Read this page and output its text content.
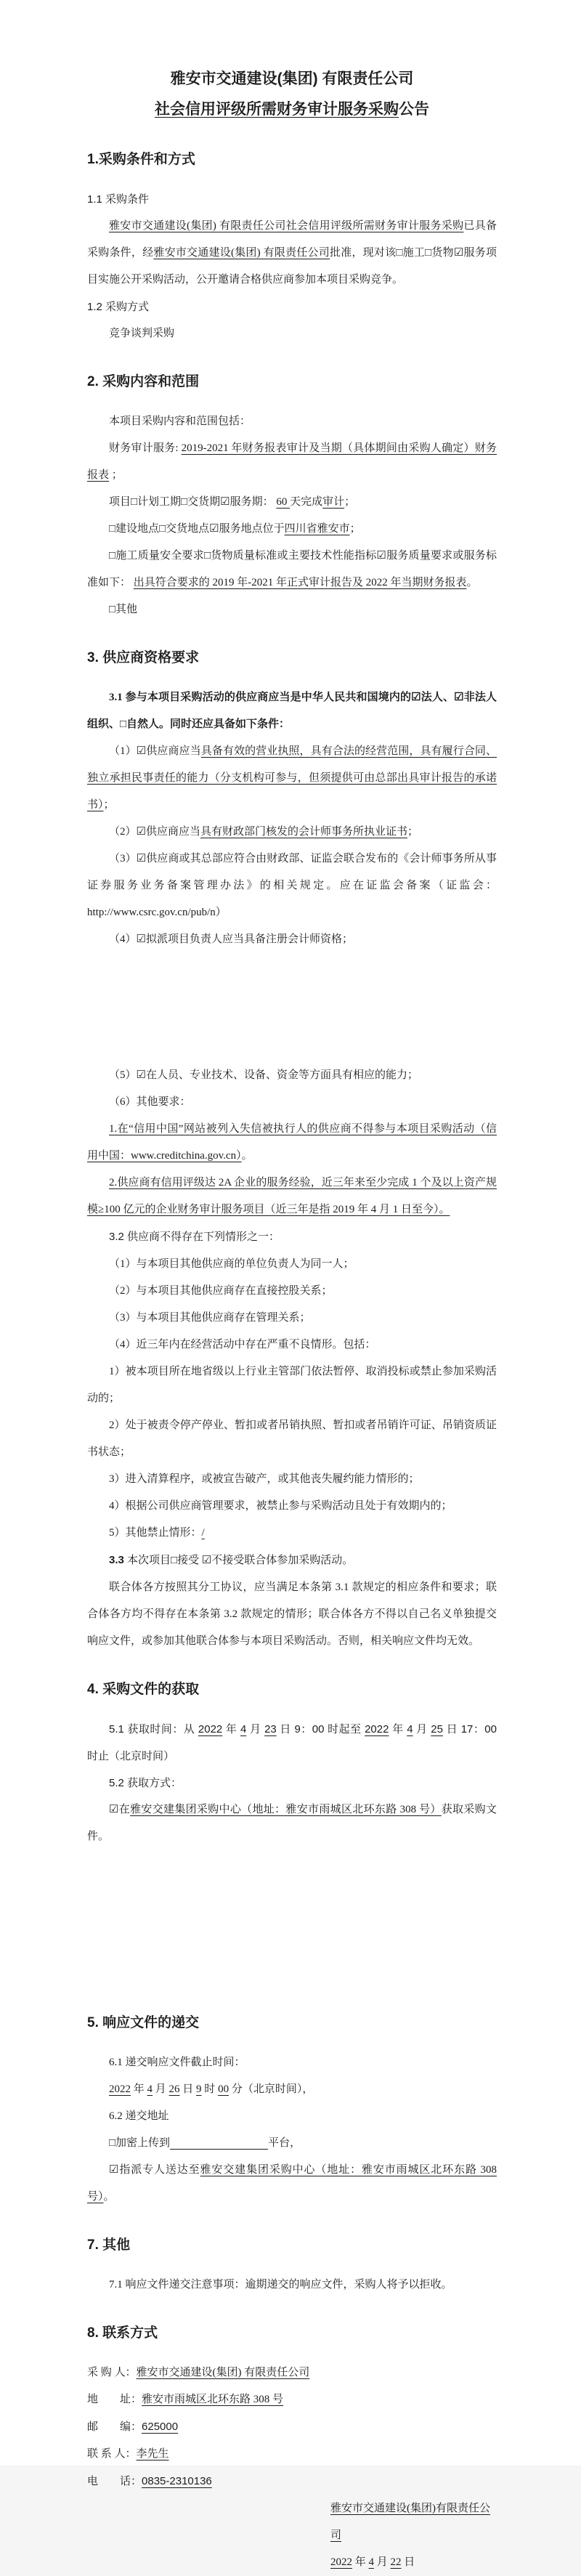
雅安市交通建设(集团) 有限责任公司
社会信用评级所需财务审计服务采购公告
1.采购条件和方式
1.1 采购条件
雅安市交通建设(集团) 有限责任公司社会信用评级所需财务审计服务采购已具备采购条件，经雅安市交通建设(集团) 有限责任公司批准，现对该□施工□货物☑服务项目实施公开采购活动，公开邀请合格供应商参加本项目采购竞争。
1.2 采购方式
竞争谈判采购
2. 采购内容和范围
本项目采购内容和范围包括：
财务审计服务: 2019-2021 年财务报表审计及当期（具体期间由采购人确定）财务报表 ；
项目□计划工期□交货期☑服务期： 60 天完成审计；
□建设地点□交货地点☑服务地点位于四川省雅安市；
□施工质量安全要求□货物质量标准或主要技术性能指标☑服务质量要求或服务标准如下： 出具符合要求的 2019 年-2021 年正式审计报告及 2022 年当期财务报表。
□其他
3. 供应商资格要求
3.1 参与本项目采购活动的供应商应当是中华人民共和国境内的☑法人、☑非法人组织、□自然人。同时还应具备如下条件：
（1）☑供应商应当具备有效的营业执照，具有合法的经营范围，具有履行合同、独立承担民事责任的能力（分支机构可参与，但须提供可由总部出具审计报告的承诺书）；
（2）☑供应商应当具有财政部门核发的会计师事务所执业证书；
（3）☑供应商或其总部应符合由财政部、证监会联合发布的《会计师事务所从事证券服务业务备案管理办法》的相关规定。应在证监会备案（证监会：http://www.csrc.gov.cn/pub/n）
（4）☑拟派项目负责人应当具备注册会计师资格；
（5）☑在人员、专业技术、设备、资金等方面具有相应的能力；
（6）其他要求：
1.在“信用中国”网站被列入失信被执行人的供应商不得参与本项目采购活动（信用中国：www.creditchina.gov.cn）。
2.供应商有信用评级达 2A 企业的服务经验，近三年来至少完成 1 个及以上资产规模≥100 亿元的企业财务审计服务项目（近三年是指 2019 年 4 月 1 日至今）。
3.2 供应商不得存在下列情形之一：
（1）与本项目其他供应商的单位负责人为同一人；
（2）与本项目其他供应商存在直接控股关系；
（3）与本项目其他供应商存在管理关系；
（4）近三年内在经营活动中存在严重不良情形。包括：
1）被本项目所在地省级以上行业主管部门依法暂停、取消投标或禁止参加采购活动的；
2）处于被责令停产停业、暂扣或者吊销执照、暂扣或者吊销许可证、吊销资质证书状态；
3）进入清算程序，或被宣告破产，或其他丧失履约能力情形的；
4）根据公司供应商管理要求，被禁止参与采购活动且处于有效期内的；
5）其他禁止情形：/
3.3 本次项目□接受 ☑不接受联合体参加采购活动。
联合体各方按照其分工协议，应当满足本条第 3.1 款规定的相应条件和要求；联合体各方均不得存在本条第 3.2 款规定的情形；联合体各方不得以自己名义单独提交响应文件，或参加其他联合体参与本项目采购活动。否则，相关响应文件均无效。
4. 采购文件的获取
5.1 获取时间：从 2022 年 4 月 23 日 9：00 时起至 2022 年 4 月 25 日 17：00 时止（北京时间）
5.2 获取方式：
☑在雅安交建集团采购中心（地址：雅安市雨城区北环东路 308 号）获取采购文件。
5. 响应文件的递交
6.1 递交响应文件截止时间：
2022 年 4 月 26 日 9 时 00 分（北京时间），
6.2 递交地址
□加密上传到　　　　　　　　　	平台，
☑指派专人送达至雅安交建集团采购中心（地址：雅安市雨城区北环东路 308 号）。
7. 其他
7.1 响应文件递交注意事项：逾期递交的响应文件，采购人将予以拒收。
8. 联系方式
采 购 人：雅安市交通建设(集团) 有限责任公司
地　　址：雅安市雨城区北环东路 308 号
邮　　编：625000
联 系 人：李先生
电　　话：0835-2310136
雅安市交通建设(集团)有限责任公司
2022 年 4 月 22 日
